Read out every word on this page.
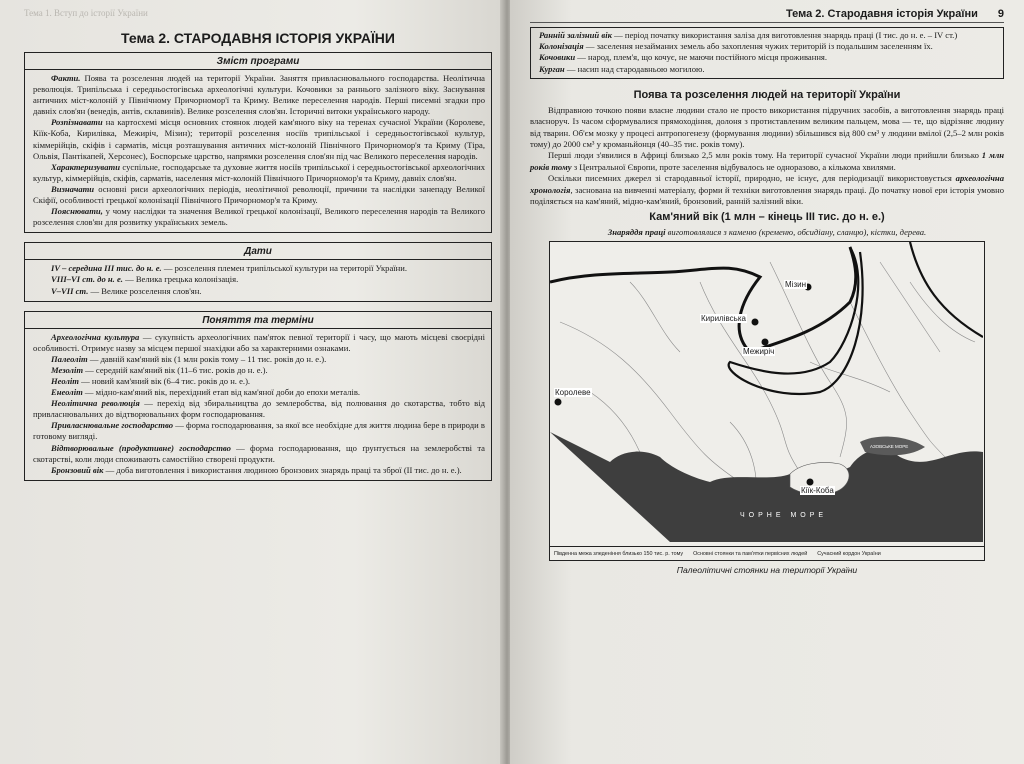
Тема 1. Вступ до історії України
Тема 2. СТАРОДАВНЯ ІСТОРІЯ УКРАЇНИ
Зміст програми

Факти. Поява та розселення людей на території України. Заняття привласнювального господарства. Неолітична революція. Трипільська і середньостогівська археологічні культури. Кочовики за раннього залізного віку. Заснування античних міст-колоній у Північному Причорномор'ї та Криму. Велике переселення народів. Перші писемні згадки про давніх слов'ян (венедів, антів, склавинів). Велике розселення слов'ян. Історичні витоки українського народу.

Розпізнавати на картосхемі місця основних стоянок людей кам'яного віку на теренах сучасної України (Королеве, Кіїк-Коба, Кирилівка, Межиріч, Мізин); території розселення носіїв трипільської і середньостогівської культур, кіммерійців, скіфів і сарматів, місця розташування античних міст-колоній Північного Причорномор'я та Криму (Тіра, Ольвія, Пантікапей, Херсонес), Боспорське царство, напрямки розселення слов'ян під час Великого переселення народів.

Характеризувати суспільне, господарське та духовне життя носіїв трипільської і середньостогівської археологічних культур, кіммерійців, скіфів, сарматів, населення міст-колоній Північного Причорномор'я та Криму, давніх слов'ян.

Визначати основні риси археологічних періодів, неолітичної революції, причини та наслідки занепаду Великої Скіфії, особливості грецької колонізації Північного Причорномор'я та Криму.

Пояснювати, у чому наслідки та значення Великої грецької колонізації, Великого переселення народів та Великого розселення слов'ян для розвитку українських земель.

Дати

IV – середина III тис. до н. е. — розселення племен трипільської культури на території України.

VIII–VI ст. до н. е. — Велика грецька колонізація.

V–VII ст. — Велике розселення слов'ян.

Поняття та терміни

Археологічна культура — сукупність археологічних пам'яток певної території і часу, що мають місцеві своєрідні особливості. Отримує назву за місцем першої знахідки або за характерними ознаками.

Палеоліт — давній кам'яний вік (1 млн років тому – 11 тис. років до н. е.).

Мезоліт — середній кам'яний вік (11–6 тис. років до н. е.).

Неоліт — новий кам'яний вік (6–4 тис. років до н. е.).

Енеоліт — мідно-кам'яний вік, перехідний етап від кам'яної доби до епохи металів.

Неолітична революція — перехід від збиральництва до землеробства, від полювання до скотарства, тобто від привласнювальних до відтворювальних форм господарювання.

Привласнювальне господарство — форма господарювання, за якої все необхідне для життя людина бере в природи в готовому вигляді.

Відтворювальне (продуктивне) господарство — форма господарювання, що ґрунтується на землеробстві та скотарстві, коли люди споживають самостійно створені продукти.

Бронзовий вік — доба виготовлення і використання людиною бронзових знарядь праці та зброї (II тис. до н. е.).

Тема 2. Стародавня історія України 9

Ранній залізний вік — період початку використання заліза для виготовлення знарядь праці (I тис. до н. е. – IV ст.)

Колонізація — заселення незайманих земель або захоплення чужих територій із подальшим заселенням їх.

Кочовики — народ, плем'я, що кочує, не маючи постійного місця проживання.

Курган — насип над стародавньою могилою.

Поява та розселення людей на території України

Відправною точкою появи власне людини стало не просто використання підручних засобів, а виготовлення знарядь праці власноруч. Із часом сформувалися прямоходіння, долоня з протиставленим великим пальцем, мова — те, що відрізняє людину від тварин. Об'єм мозку у процесі антропогенезу (формування людини) збільшився від 800 см³ у людини вмілої (2,5–2 млн років тому) до 2000 см³ у кроманьйонця (40–35 тис. років тому).

Перші люди з'явилися в Африці близько 2,5 млн років тому. На території сучасної України люди прийшли близько 1 млн років тому з Центральної Європи, проте заселення відбувалось не одноразово, а кількома хвилями.

Оскільки писемних джерел зі стародавньої історії, природно, не існує, для періодизації використовується археологічна хронологія, заснована на вивченні матеріалу, форми й техніки виготовлення знарядь праці. До початку нової ери історія умовно поділяється на кам'яний, мідно-кам'яний, бронзовий, ранній залізний віки.

Кам'яний вік (1 млн – кінець III тис. до н. е.)
Знаряддя праці виготовлялися з каменю (кременю, обсидіану, сланцю), кістки, дерева.
Мізин
Кирилівська
Межиріч
Королеве
Кіїк-Коба
ЧОРНЕ МОРЕ
АЗОВСЬКЕ МОРЕ
Південна межа зледеніння близько 150 тис. р. тому Основні стоянки та пам'ятки первісних людей Сучасний кордон України
Палеолітичні стоянки на території України
